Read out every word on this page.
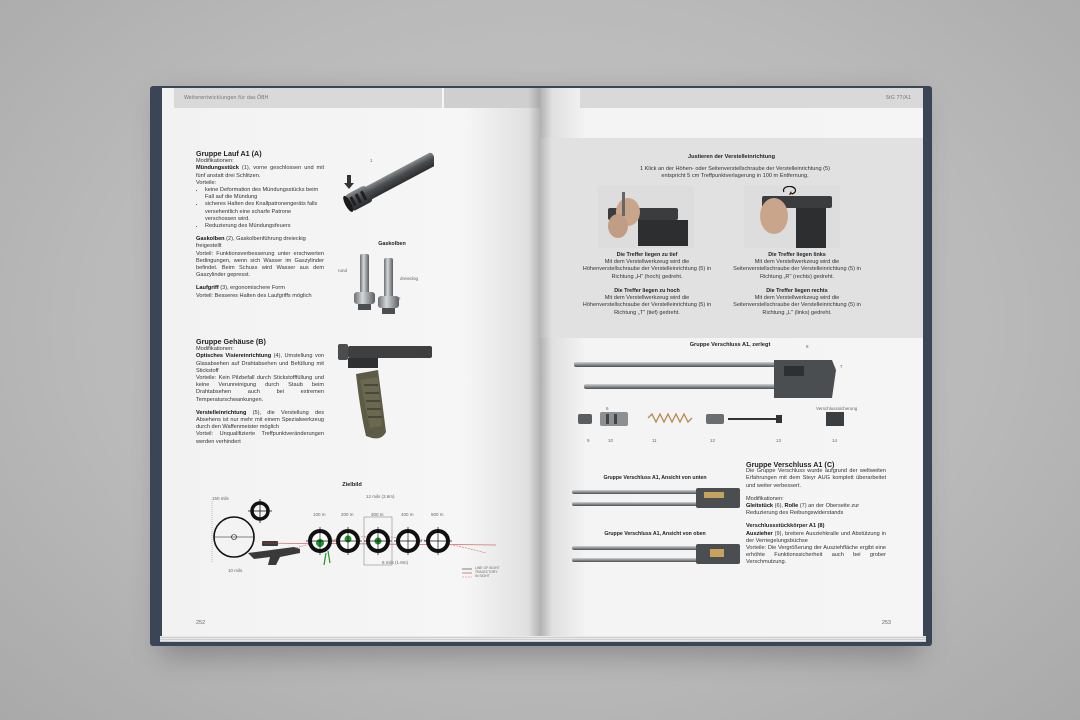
Weiterentwicklungen für das ÖBH
Gruppe Lauf A1 (A)
Modifikationen:
Mündungsstück (1), vorne geschlossen und mit fünf anstatt drei Schlitzen.
Vorteile:
• keine Deformation des Mündungsstücks beim Fall auf die Mündung
• sicheres Halten des Knallpatronengeräts falls versehentlich eine scharfe Patrone verschossen wird.
• Reduzierung des Mündungsfeuers
Gaskolben (2), Gaskolbenführung dreieckig freigestellt
Vorteil: Funktionsverbesserung unter erschwerten Bedingungen, wenn sich Wasser im Gaszylinder befindet. Beim Schuss wird Wasser aus dem Gaszylinder gepresst.
Laufgriff (3), ergonomischere Form
Vorteil: Besseres Halten des Laufgriffs möglich
Gruppe Gehäuse (B)
Modifikationen:
Optisches Visiereinrichtung (4), Umstellung von Glasabsehen auf Drahtabsehen und Befüllung mit Stickstoff
Vorteile: Kein Pilzbefall durch Stickstofffüllung und keine Verunreinigung durch Staub beim Drahtabsehen auch bei extremen Temperaturschwankungen.
Verstelleinrichtung (5), die Verstellung des Absehens ist nur mehr mit einem Spezialwerkzeug durch den Waffenmeister möglich
Vorteil: Unqualifizierte Treffpunktveränderungen werden verhindert
1
Gaskolben
rund
dreieckig
2
3
Zielbild
150 mils
10 mils
12 mils (3.6m)
6 mils (1.8m)
100 m	200 m	300 m	400 m	500 m
LINE OF SIGHT
TRAJECTORY
IN SIGHT
252
StG 77/A1
Justieren der Verstelleinrichtung
1 Klick an der Höhen- oder Seitenverstellschraube der Verstelleinrichtung (5) entspricht 5 cm Treffpunktverlagerung in 100 m Entfernung.
Die Treffer liegen zu tief
Mit dem Verstellwerkzeug wird die Höhenverstellschraube der Verstelleinrichtung (5) in Richtung „H" (hoch) gedreht.
Die Treffer liegen zu hoch
Mit dem Verstellwerkzeug wird die Höhenverstellschraube der Verstelleinrichtung (5) in Richtung „T" (tief) gedreht.
Die Treffer liegen links
Mit dem Verstellwerkzeug wird die Seitenverstellschraube der Verstelleinrichtung (5) in Richtung „R" (rechts) gedreht.
Die Treffer liegen rechts
Mit dem Verstellwerkzeug wird die Seitenverstellschraube der Verstelleinrichtung (5) in Richtung „L" (links) gedreht.
Gruppe Verschluss A1, zerlegt	8
7
6
9	10	11	12	13	14
Verschlusssicherung
Gruppe Verschluss A1, Ansicht von unten
Gruppe Verschluss A1, Ansicht von oben
Gruppe Verschluss A1 (C)
Die Gruppe Verschluss wurde aufgrund der weltweiten Erfahrungen mit dem Steyr AUG komplett überarbeitet und weiter verbessert.
Modifikationen:
Gleitstück (6), Rolle (7) an der Oberseite zur Reduzierung des Reibungswiderstands
Verschlussstückkörper A1 (8)
Auszieher (9), breitere Ausziehkralle und Abstützung in der Verriegelungsbüchse
Vorteile: Die Vergrößerung der Ausziehfläche ergibt eine erhöhte Funktionssicherheit auch bei grober Verschmutzung.
253
